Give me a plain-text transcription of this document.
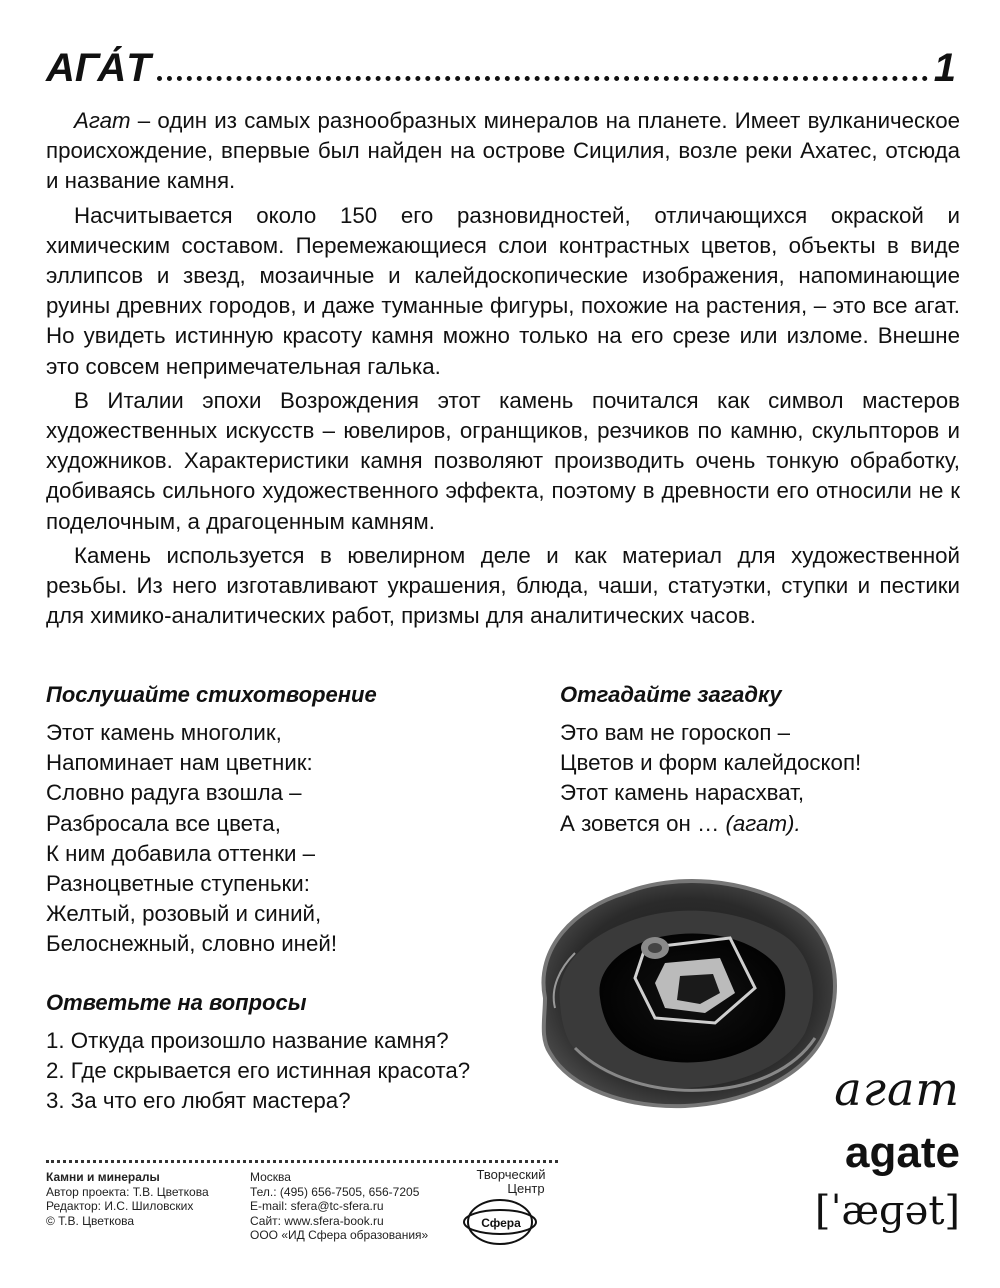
АГА́Т	1

Агат – один из самых разнообразных минералов на планете. Имеет вулканическое происхождение, впервые был найден на острове Сицилия, возле реки Ахатес, отсюда и название камня.

Насчитывается около 150 его разновидностей, отличающихся окраской и химическим составом. Перемежающиеся слои контрастных цветов, объекты в виде эллипсов и звезд, мозаичные и калейдоскопические изображения, напоминающие руины древних городов, и даже туманные фигуры, похожие на растения, – это все агат. Но увидеть истинную красоту камня можно только на его срезе или изломе. Внешне это совсем непримечательная галька.

В Италии эпохи Возрождения этот камень почитался как символ мастеров художественных искусств – ювелиров, огранщиков, резчиков по камню, скульпторов и художников. Характеристики камня позволяют производить очень тонкую обработку, добиваясь сильного художественного эффекта, поэтому в древности его относили не к поделочным, а драгоценным камням.

Камень используется в ювелирном деле и как материал для художественной резьбы. Из него изготавливают украшения, блюда, чаши, статуэтки, ступки и пестики для химико-аналитических работ, призмы для аналитических часов.

Послушайте стихотворение
Этот камень многолик,
Напоминает нам цветник:
Словно радуга взошла –
Разбросала все цвета,
К ним добавила оттенки –
Разноцветные ступеньки:
Желтый, розовый и синий,
Белоснежный, словно иней!
Отгадайте загадку
Это вам не гороскоп –
Цветов и форм калейдоскоп!
Этот камень нарасхват,
А зовется он … (агат).
Ответьте на вопросы
1. Откуда произошло название камня?
2. Где скрывается его истинная красота?
3. За что его любят мастера?	агат
agate
[ˈæɡət]
Камни и минералы
Автор проекта: Т.В. Цветкова
Редактор: И.С. Шиловских
© Т.В. Цветкова
Москва
Тел.: (495) 656-7505, 656-7205
E-mail: sfera@tc-sfera.ru
Сайт: www.sfera-book.ru
ООО «ИД Сфера образования»
Творческий
Центр
Сфера
